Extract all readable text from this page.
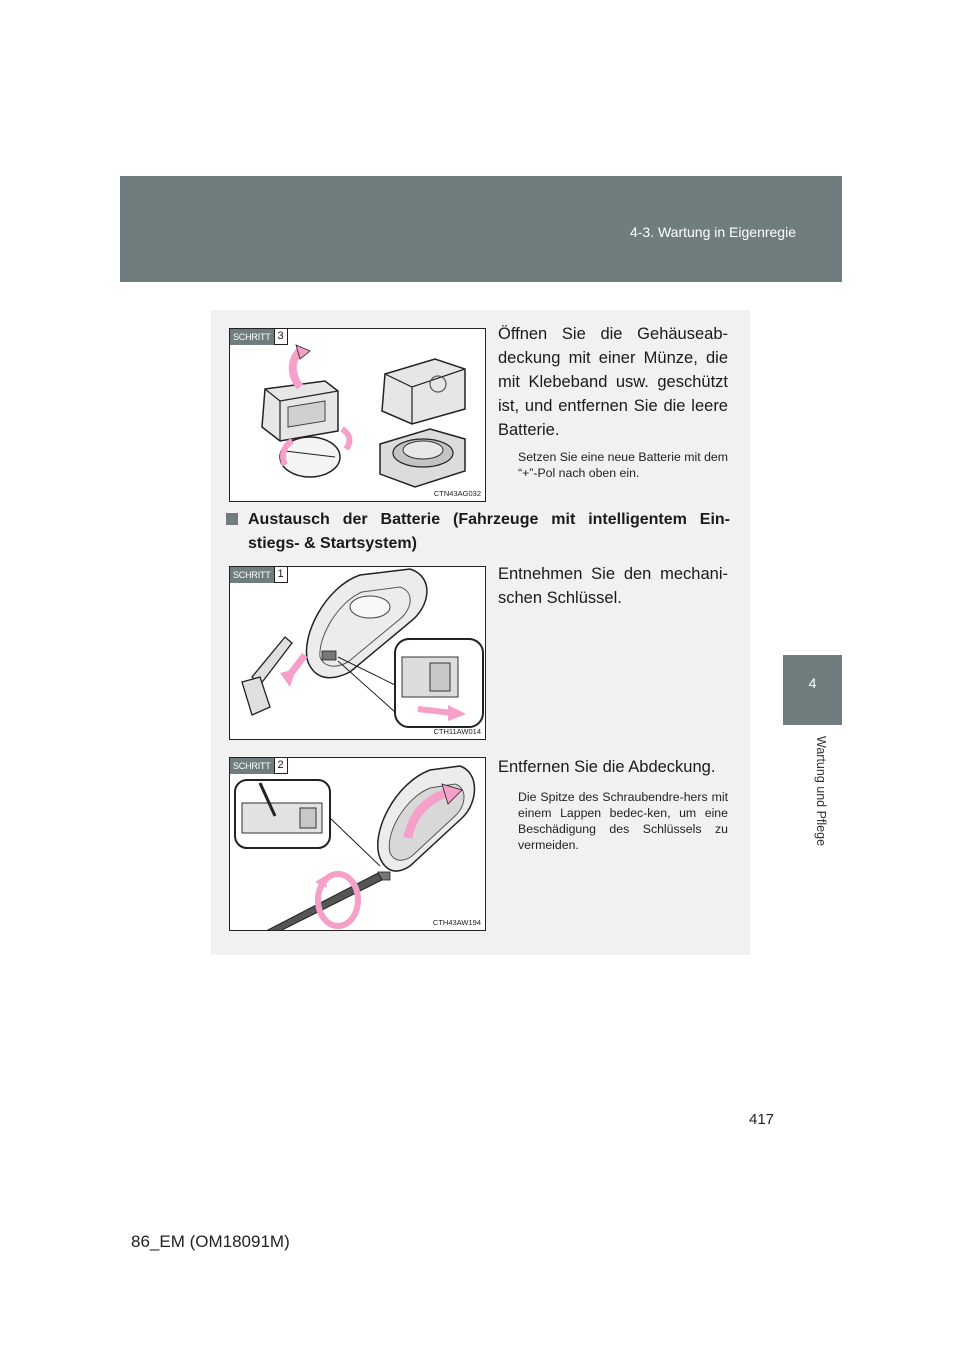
4-3. Wartung in Eigenregie
4
Wartung und Pflege
SCHRITT 3
CTN43AG032
Öffnen Sie die Gehäuseab-deckung mit einer Münze, die mit Klebeband usw. geschützt ist, und entfernen Sie die leere Batterie.
Setzen Sie eine neue Batterie mit dem “+”-Pol nach oben ein.
Austausch der Batterie (Fahrzeuge mit intelligentem Ein-stiegs- & Startsystem)
SCHRITT 1
CTH11AW014
Entnehmen Sie den mechani-schen Schlüssel.
SCHRITT 2
CTH43AW194
Entfernen Sie die Abdeckung.
Die Spitze des Schraubendre-hers mit einem Lappen bedec-ken, um eine Beschädigung des Schlüssels zu vermeiden.
417
86_EM (OM18091M)
